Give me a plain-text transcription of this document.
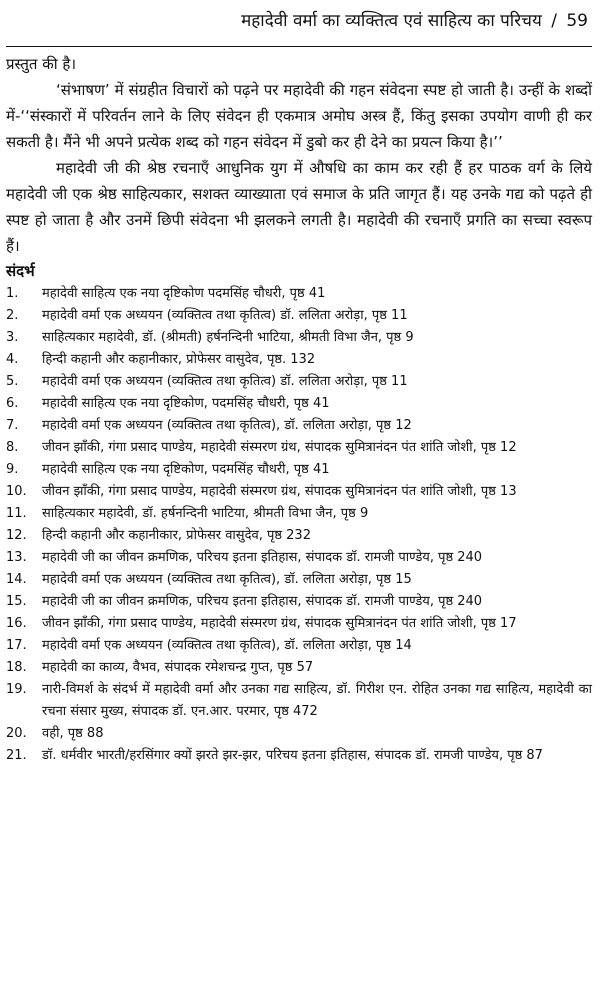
महादेवी वर्मा का व्यक्तित्व एवं साहित्य का परिचय / 59

प्रस्तुत की है।

‘संभाषण’ में संग्रहीत विचारों को पढ़ने पर महादेवी की गहन संवेदना स्पष्ट हो जाती है। उन्हीं के शब्दों में-‘‘संस्कारों में परिवर्तन लाने के लिए संवेदन ही एकमात्र अमोघ अस्त्र हैं, किंतु इसका उपयोग वाणी ही कर सकती है। मैंने भी अपने प्रत्येक शब्द को गहन संवेदन में डुबो कर ही देने का प्रयत्न किया है।’’

महादेवी जी की श्रेष्ठ रचनाएँ आधुनिक युग में औषधि का काम कर रही हैं हर पाठक वर्ग के लिये महादेवी जी एक श्रेष्ठ साहित्यकार, सशक्त व्याख्याता एवं समाज के प्रति जागृत हैं। यह उनके गद्य को पढ़ते ही स्पष्ट हो जाता है और उनमें छिपी संवेदना भी झलकने लगती है। महादेवी की रचनाएँ प्रगति का सच्चा स्वरूप हैं।

संदर्भ
1.	महादेवी साहित्य एक नया दृष्टिकोण पदमसिंह चौधरी, पृष्ठ 41
2.	महादेवी वर्मा एक अध्ययन (व्यक्तित्व तथा कृतित्व) डॉ. ललिता अरोड़ा, पृष्ठ 11
3.	साहित्यकार महादेवी, डॉ. (श्रीमती) हर्षनन्दिनी भाटिया, श्रीमती विभा जैन, पृष्ठ 9
4.	हिन्दी कहानी और कहानीकार, प्रोफेसर वासुदेव, पृष्ठ. 132
5.	महादेवी वर्मा एक अध्ययन (व्यक्तित्व तथा कृतित्व) डॉ. ललिता अरोड़ा, पृष्ठ 11
6.	महादेवी साहित्य एक नया दृष्टिकोण, पदमसिंह चौधरी, पृष्ठ 41
7.	महादेवी वर्मा एक अध्ययन (व्यक्तित्व तथा कृतित्व), डॉ. ललिता अरोड़ा, पृष्ठ 12
8.	जीवन झाँकी, गंगा प्रसाद पाण्डेय, महादेवी संस्मरण ग्रंथ, संपादक सुमित्रानंदन पंत शांति जोशी, पृष्ठ 12
9.	महादेवी साहित्य एक नया दृष्टिकोण, पदमसिंह चौधरी, पृष्ठ 41
10.	जीवन झाँकी, गंगा प्रसाद पाण्डेय, महादेवी संस्मरण ग्रंथ, संपादक सुमित्रानंदन पंत शांति जोशी, पृष्ठ 13
11.	साहित्यकार महादेवी, डॉ. हर्षनन्दिनी भाटिया, श्रीमती विभा जैन, पृष्ठ 9
12.	हिन्दी कहानी और कहानीकार, प्रोफेसर वासुदेव, पृष्ठ 232
13.	महादेवी जी का जीवन क्रमणिक, परिचय इतना इतिहास, संपादक डॉ. रामजी पाण्डेय, पृष्ठ 240
14.	महादेवी वर्मा एक अध्ययन (व्यक्तित्व तथा कृतित्व), डॉ. ललिता अरोड़ा, पृष्ठ 15
15.	महादेवी जी का जीवन क्रमणिक, परिचय इतना इतिहास, संपादक डॉ. रामजी पाण्डेय, पृष्ठ 240
16.	जीवन झाँकी, गंगा प्रसाद पाण्डेय, महादेवी संस्मरण ग्रंथ, संपादक सुमित्रानंदन पंत शांति जोशी, पृष्ठ 17
17.	महादेवी वर्मा एक अध्ययन (व्यक्तित्व तथा कृतित्व), डॉ. ललिता अरोड़ा, पृष्ठ 14
18.	महादेवी का काव्य, वैभव, संपादक रमेशचन्द्र गुप्त, पृष्ठ 57
19.	नारी-विमर्श के संदर्भ में महादेवी वर्मा और उनका गद्य साहित्य, डॉ. गिरीश एन. रोहित उनका गद्य साहित्य, महादेवी का रचना संसार मुख्य, संपादक डॉ. एन.आर. परमार, पृष्ठ 472
20.	वही, पृष्ठ 88
21.	डॉ. धर्मवीर भारती/हरसिंगार क्यों झरते झर-झर, परिचय इतना इतिहास, संपादक डॉ. रामजी पाण्डेय, पृष्ठ 87
